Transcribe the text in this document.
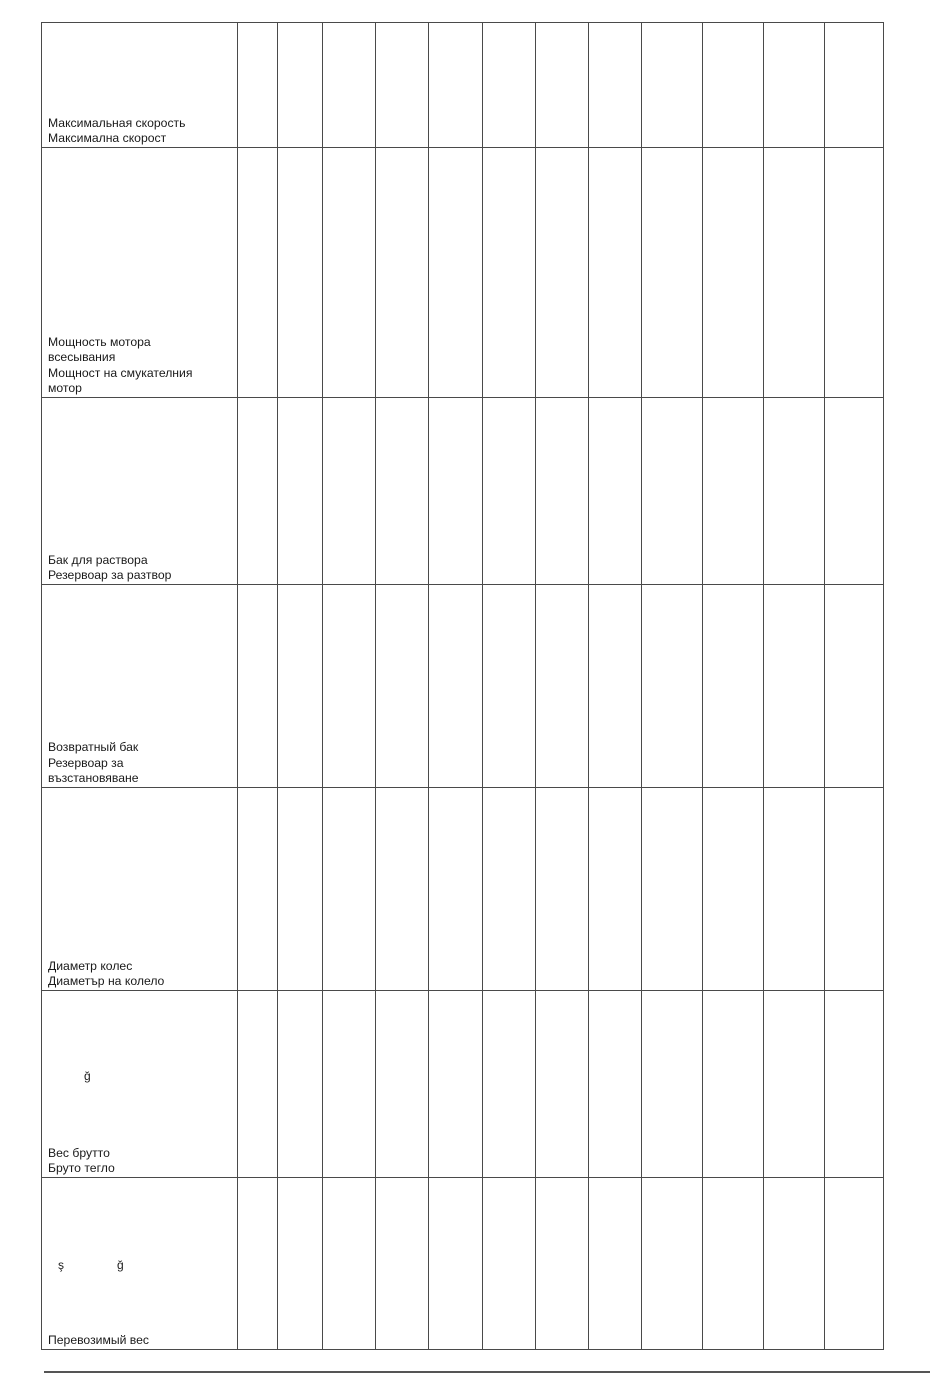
Максимальная скорость
Максимална скорост												

Мощность мотора
всесывания
Мощност на смукателния
мотор												

Бак для раствора
Резервоар за разтвор												

Возвратный бак
Резервоар за
възстановяване												

Диаметр колес
Диаметър на колело												

Вес брутто
Бруто тегло
ğ												

Перевозимый вес
ş ğ												
